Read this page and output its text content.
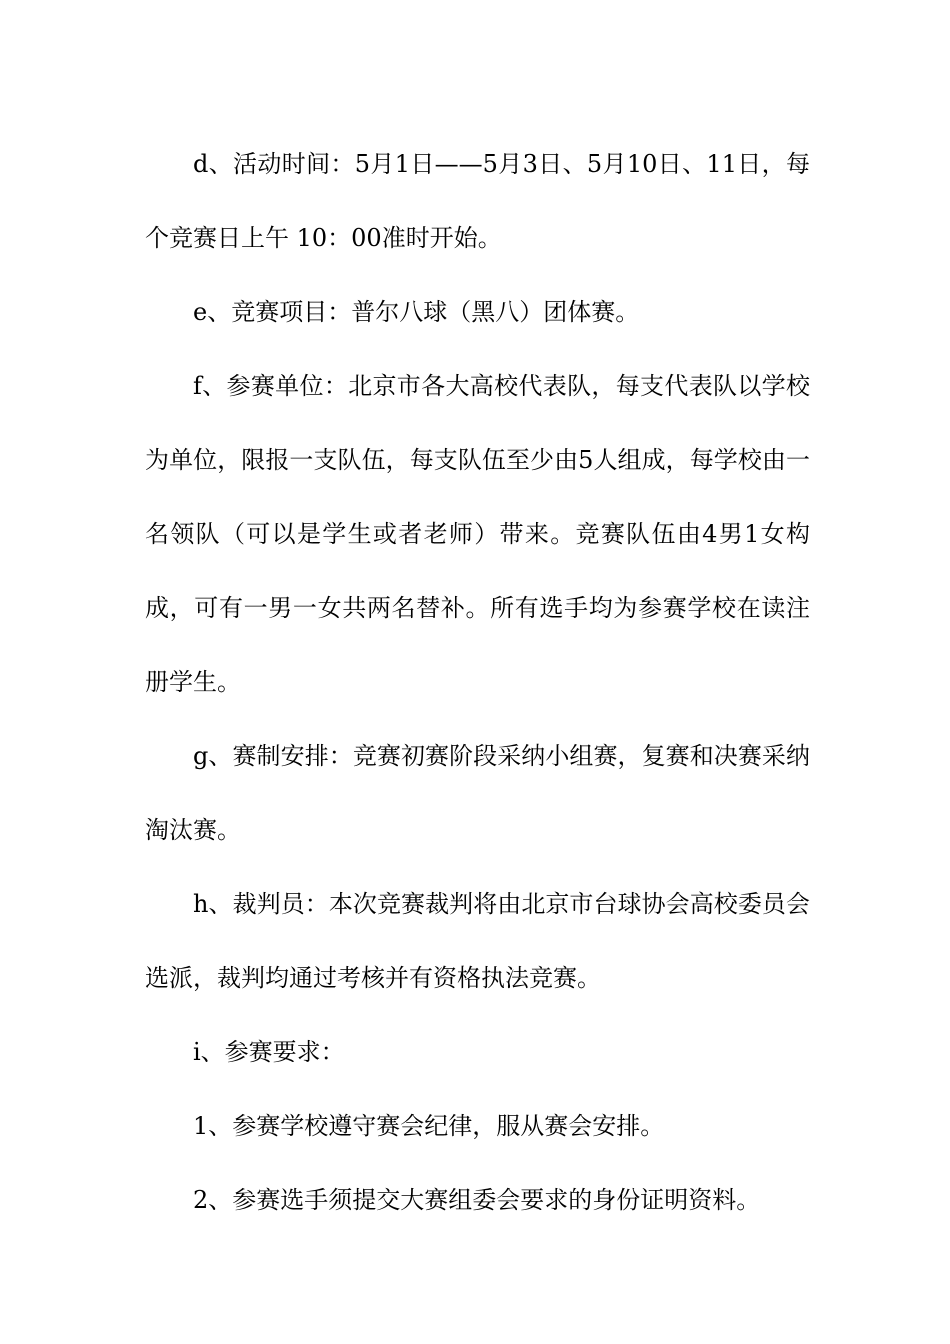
d、活动时间：5月1日——5月3日、5月10日、11日，每个竞赛日上午 10：00准时开始。

e、竞赛项目：普尔八球（黑八）团体赛。

f、参赛单位：北京市各大高校代表队，每支代表队以学校为单位，限报一支队伍，每支队伍至少由5人组成，每学校由一名领队（可以是学生或者老师）带来。竞赛队伍由4男1女构成，可有一男一女共两名替补。所有选手均为参赛学校在读注册学生。

g、赛制安排：竞赛初赛阶段采纳小组赛，复赛和决赛采纳淘汰赛。

h、裁判员：本次竞赛裁判将由北京市台球协会高校委员会选派，裁判均通过考核并有资格执法竞赛。

i、参赛要求：

1、参赛学校遵守赛会纪律，服从赛会安排。

2、参赛选手须提交大赛组委会要求的身份证明资料。
